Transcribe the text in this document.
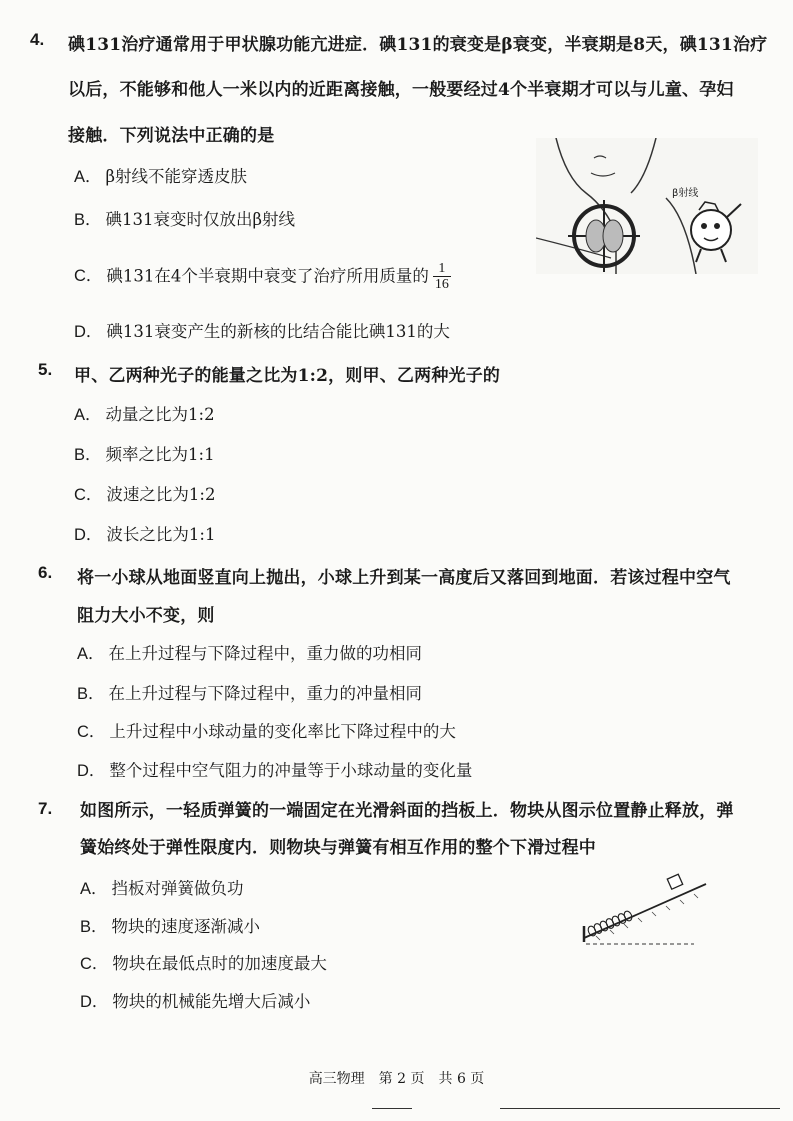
4. 碘131治疗通常用于甲状腺功能亢进症．碘131的衰变是β衰变，半衰期是8天，碘131治疗
以后，不能够和他人一米以内的近距离接触，一般要经过4个半衰期才可以与儿童、孕妇
接触．下列说法中正确的是
A． β射线不能穿透皮肤
B． 碘131衰变时仅放出β射线
C． 碘131在4个半衰期中衰变了治疗所用质量的 $\frac{1}{16}$
D． 碘131衰变产生的新核的比结合能比碘131的大
β射线
5. 甲、乙两种光子的能量之比为1:2，则甲、乙两种光子的
A． 动量之比为1:2
B． 频率之比为1:1
C． 波速之比为1:2
D． 波长之比为1:1
6. 将一小球从地面竖直向上抛出，小球上升到某一高度后又落回到地面．若该过程中空气
阻力大小不变，则
A． 在上升过程与下降过程中，重力做的功相同
B． 在上升过程与下降过程中，重力的冲量相同
C． 上升过程中小球动量的变化率比下降过程中的大
D． 整个过程中空气阻力的冲量等于小球动量的变化量
7. 如图所示，一轻质弹簧的一端固定在光滑斜面的挡板上．物块从图示位置静止释放，弹
簧始终处于弹性限度内．则物块与弹簧有相互作用的整个下滑过程中
A． 挡板对弹簧做负功
B． 物块的速度逐渐减小
C． 物块在最低点时的加速度最大
D． 物块的机械能先增大后减小
高三物理　第 2 页　共 6 页
